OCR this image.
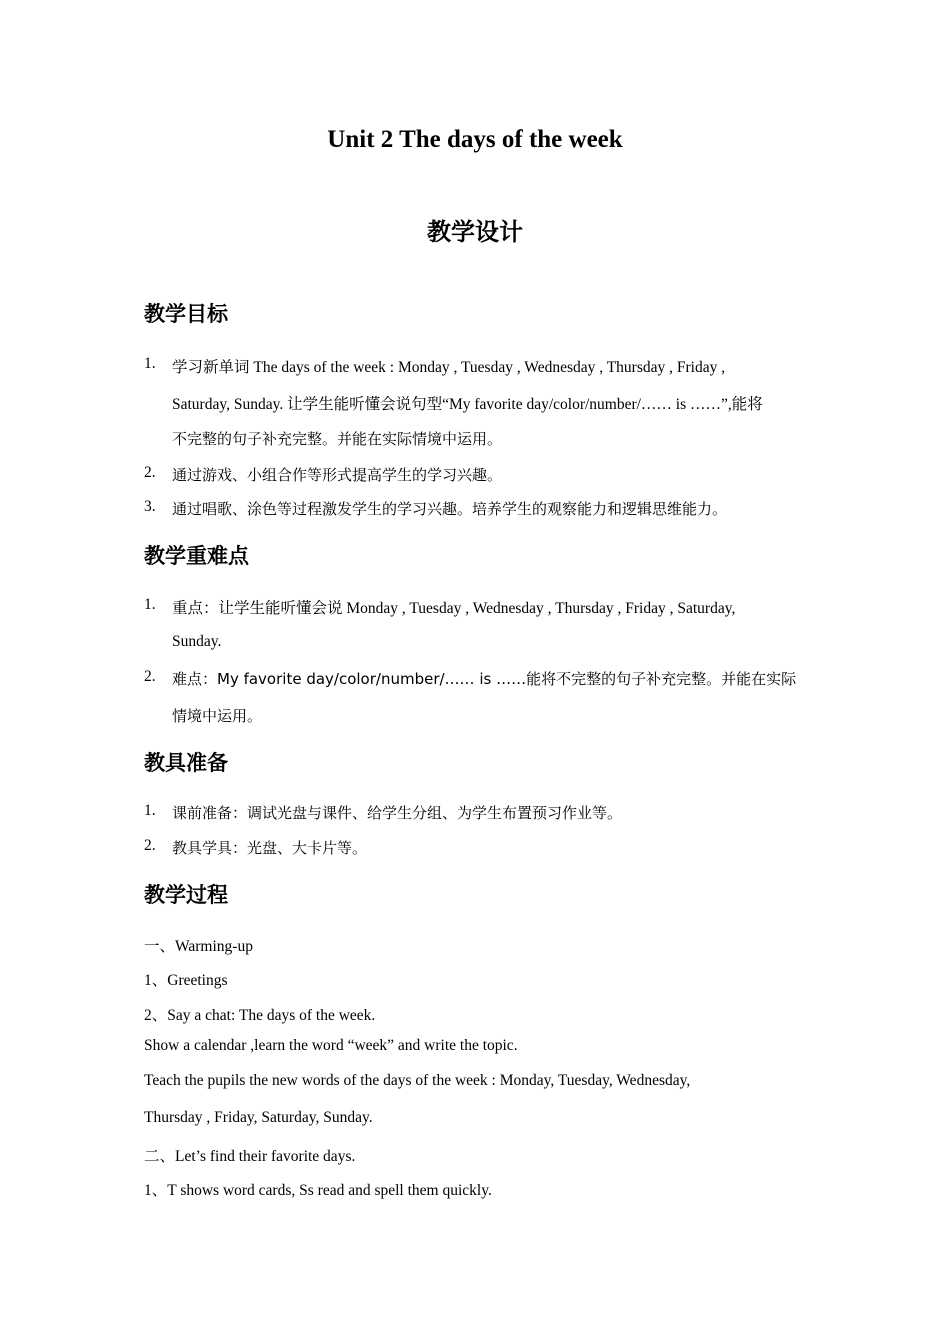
Unit 2 The days of the week
教学设计
教学目标
1. 学习新单词 The days of the week : Monday , Tuesday , Wednesday , Thursday , Friday ,
Saturday, Sunday. 让学生能听懂会说句型“My favorite day/color/number/…… is ……”,能将
不完整的句子补充完整。并能在实际情境中运用。
2. 通过游戏、小组合作等形式提高学生的学习兴趣。
3. 通过唱歌、涂色等过程激发学生的学习兴趣。培养学生的观察能力和逻辑思维能力。
教学重难点
1. 重点：让学生能听懂会说 Monday , Tuesday , Wednesday , Thursday , Friday , Saturday,
Sunday.
2. 难点：My favorite day/color/number/…… is ……能将不完整的句子补充完整。并能在实际
情境中运用。
教具准备
1. 课前准备：调试光盘与课件、给学生分组、为学生布置预习作业等。
2. 教具学具：光盘、大卡片等。
教学过程
一、Warming-up
1、Greetings
2、Say a chat: The days of the week.
Show a calendar ,learn the word “week” and write the topic.
Teach the pupils the new words of the days of the week : Monday, Tuesday, Wednesday,
Thursday , Friday, Saturday, Sunday.
二、Let’s find their favorite days.
1、T shows word cards, Ss read and spell them quickly.
